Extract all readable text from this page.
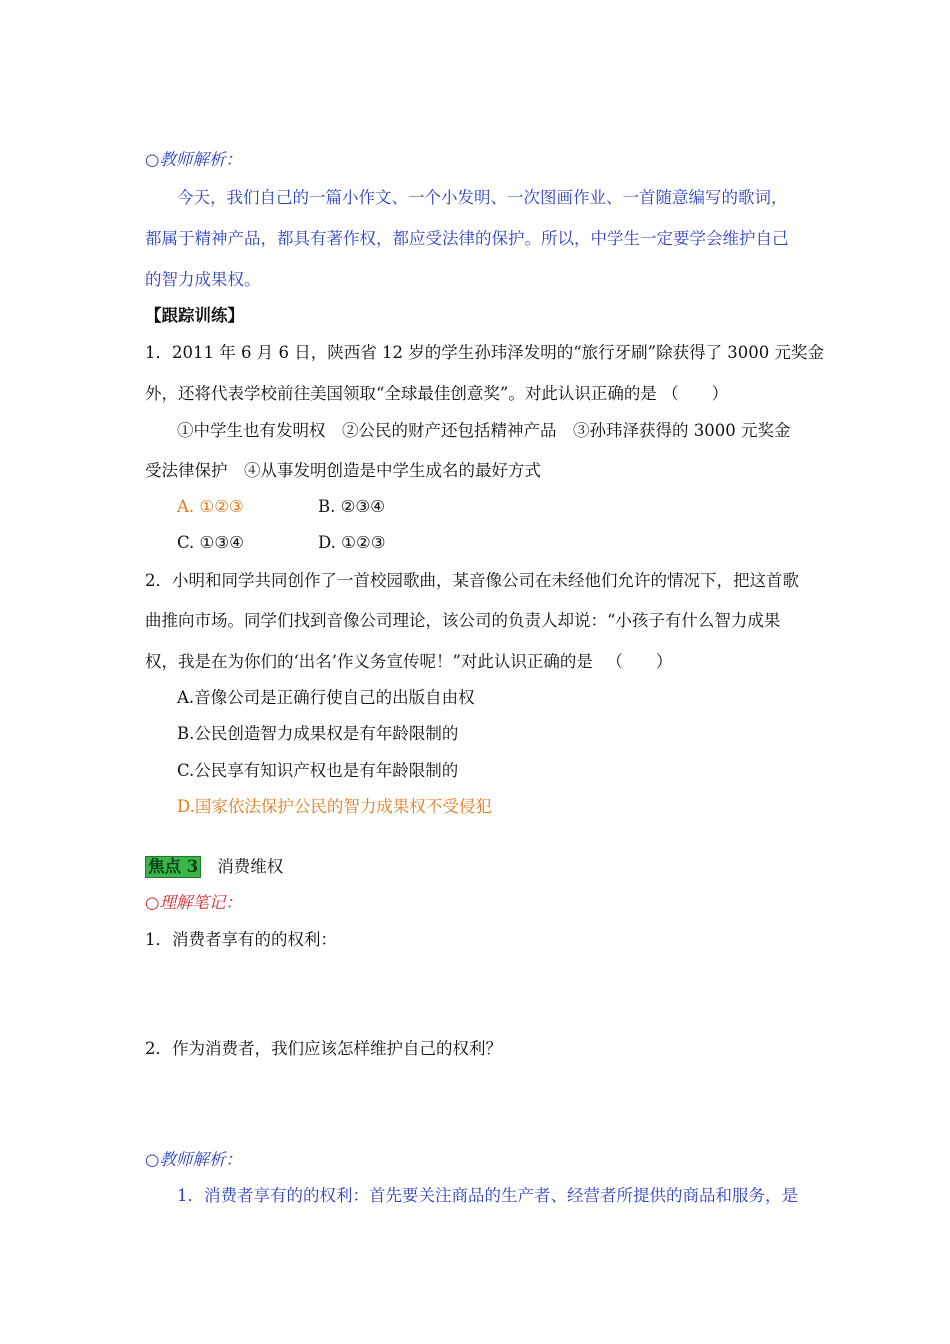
○教师解析：
今天，我们自己的一篇小作文、一个小发明、一次图画作业、一首随意编写的歌词，
都属于精神产品，都具有著作权，都应受法律的保护。所以，中学生一定要学会维护自己
的智力成果权。
【跟踪训练】
1．2011 年 6 月 6 日，陕西省 12 岁的学生孙玮泽发明的“旅行牙刷”除获得了 3000 元奖金
外，还将代表学校前往美国领取“全球最佳创意奖”。对此认识正确的是 （　　）
①中学生也有发明权　②公民的财产还包括精神产品　③孙玮泽获得的 3000 元奖金
受法律保护　④从事发明创造是中学生成名的最好方式
A. ①②③	B. ②③④
C. ①③④	D. ①②③
2．小明和同学共同创作了一首校园歌曲，某音像公司在未经他们允许的情况下，把这首歌
曲推向市场。同学们找到音像公司理论，该公司的负责人却说：“小孩子有什么智力成果
权，我是在为你们的‘出名’作义务宣传呢！”对此认识正确的是 　（　　）
A.音像公司是正确行使自己的出版自由权
B.公民创造智力成果权是有年龄限制的
C.公民享有知识产权也是有年龄限制的
D.国家依法保护公民的智力成果权不受侵犯
焦点 3 消费维权
○理解笔记：
1．消费者享有的的权利：
2．作为消费者，我们应该怎样维护自己的权利？
○教师解析：
1．消费者享有的的权利：首先要关注商品的生产者、经营者所提供的商品和服务，是
